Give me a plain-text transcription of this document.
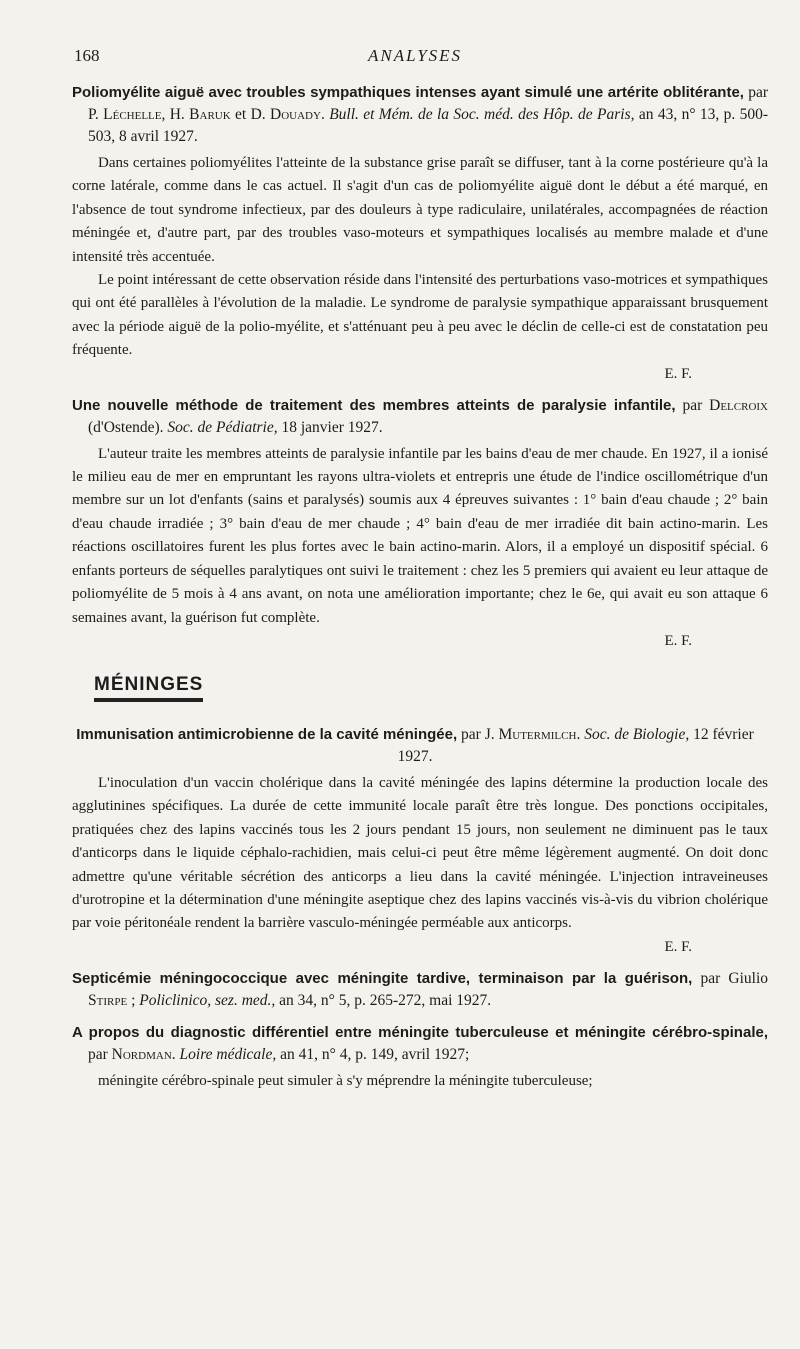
168	ANALYSES

Poliomyélite aiguë avec troubles sympathiques intenses ayant simulé une artérite oblitérante, par P. Léchelle, H. Baruk et D. Douady. Bull. et Mém. de la Soc. méd. des Hôp. de Paris, an 43, n° 13, p. 500-503, 8 avril 1927.

Dans certaines poliomyélites l'atteinte de la substance grise paraît se diffuser, tant à la corne postérieure qu'à la corne latérale, comme dans le cas actuel. Il s'agit d'un cas de poliomyélite aiguë dont le début a été marqué, en l'absence de tout syndrome infectieux, par des douleurs à type radiculaire, unilatérales, accompagnées de réaction méningée et, d'autre part, par des troubles vaso-moteurs et sympathiques localisés au membre malade et d'une intensité très accentuée.

Le point intéressant de cette observation réside dans l'intensité des perturbations vaso-motrices et sympathiques qui ont été parallèles à l'évolution de la maladie. Le syndrome de paralysie sympathique apparaissant brusquement avec la période aiguë de la polio-myélite, et s'atténuant peu à peu avec le déclin de celle-ci est de constatation peu fréquente.

E. F.

Une nouvelle méthode de traitement des membres atteints de paralysie infantile, par Delcroix (d'Ostende). Soc. de Pédiatrie, 18 janvier 1927.

L'auteur traite les membres atteints de paralysie infantile par les bains d'eau de mer chaude. En 1927, il a ionisé le milieu eau de mer en empruntant les rayons ultra-violets et entrepris une étude de l'indice oscillométrique d'un membre sur un lot d'enfants (sains et paralysés) soumis aux 4 épreuves suivantes : 1° bain d'eau chaude ; 2° bain d'eau chaude irradiée ; 3° bain d'eau de mer chaude ; 4° bain d'eau de mer irradiée dit bain actino-marin. Les réactions oscillatoires furent les plus fortes avec le bain actino-marin. Alors, il a employé un dispositif spécial. 6 enfants porteurs de séquelles paralytiques ont suivi le traitement : chez les 5 premiers qui avaient eu leur attaque de poliomyélite de 5 mois à 4 ans avant, on nota une amélioration importante; chez le 6e, qui avait eu son attaque 6 semaines avant, la guérison fut complète.

E. F.

MÉNINGES

Immunisation antimicrobienne de la cavité méningée, par J. Mutermilch. Soc. de Biologie, 12 février 1927.

L'inoculation d'un vaccin cholérique dans la cavité méningée des lapins détermine la production locale des agglutinines spécifiques. La durée de cette immunité locale paraît être très longue. Des ponctions occipitales, pratiquées chez des lapins vaccinés tous les 2 jours pendant 15 jours, non seulement ne diminuent pas le taux d'anticorps dans le liquide céphalo-rachidien, mais celui-ci peut être même légèrement augmenté. On doit donc admettre qu'une véritable sécrétion des anticorps a lieu dans la cavité méningée. L'injection intraveineuses d'urotropine et la détermination d'une méningite aseptique chez des lapins vaccinés vis-à-vis du vibrion cholérique par voie péritonéale rendent la barrière vasculo-méningée perméable aux anticorps.

E. F.

Septicémie méningococcique avec méningite tardive, terminaison par la guérison, par Giulio Stirpe ; Policlinico, sez. med., an 34, n° 5, p. 265-272, mai 1927.

A propos du diagnostic différentiel entre méningite tuberculeuse et méningite cérébro-spinale, par Nordman. Loire médicale, an 41, n° 4, p. 149, avril 1927;

méningite cérébro-spinale peut simuler à s'y méprendre la méningite tuberculeuse;
